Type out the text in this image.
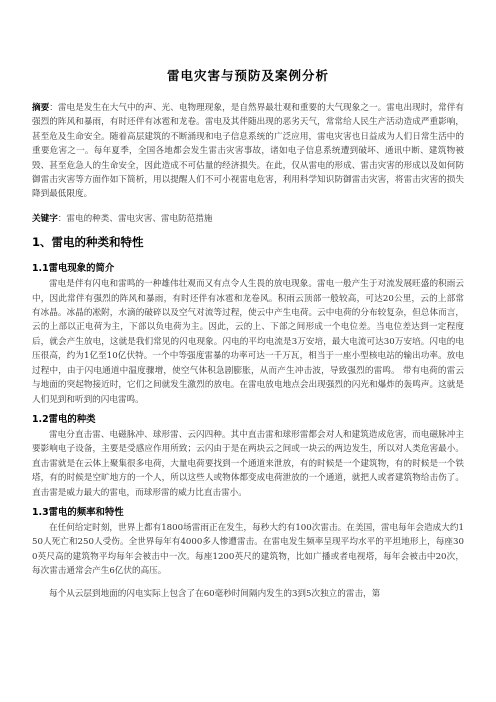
雷电灾害与预防及案例分析

摘要：雷电是发生在大气中的声、光、电物理现象，是自然界最壮观和重要的大气现象之一。雷电出现时，常伴有强烈的阵风和暴雨，有时还伴有冰雹和龙卷。雷电及其伴随出现的恶劣天气，常常给人民生产活动造成严重影响，甚至危及生命安全。随着高层建筑的不断涌现和电子信息系统的广泛应用，雷电灾害也日益成为人们日常生活中的重要危害之一。每年夏季，全国各地都会发生雷击灾害事故，诸如电子信息系统遭到破坏、通讯中断、建筑物被毁、甚至危急人的生命安全，因此造成不可估量的经济损失。在此，仅从雷电的形成、雷击灾害的形成以及如何防御雷击灾害等方面作如下简析，用以提醒人们不可小视雷电危害，利用科学知识防御雷击灾害，将雷击灾害的损失降到最低限度。

关键字：雷电的种类、雷电灾害、雷电防范措施

1、雷电的种类和特性
1.1雷电现象的简介

雷电是伴有闪电和雷鸣的一种雄伟壮观而又有点令人生畏的放电现象。雷电一般产生于对流发展旺盛的积雨云中，因此常伴有强烈的阵风和暴雨，有时还伴有冰雹和龙卷风。积雨云顶部一般较高，可达20公里，云的上部常有冰晶。冰晶的凇附，水滴的破碎以及空气对流等过程，使云中产生电荷。云中电荷的分布较复杂，但总体而言，云的上部以正电荷为主，下部以负电荷为主。因此，云的上、下部之间形成一个电位差。当电位差达到一定程度后，就会产生放电，这就是我们常见的闪电现象。闪电的平均电流是3万安培，最大电流可达30万安培。闪电的电压很高，约为1亿至10亿伏特。一个中等强度雷暴的功率可达一千万瓦，相当于一座小型核电站的输出功率。放电过程中，由于闪电通道中温度骤增，使空气体积急剧膨胀，从而产生冲击波，导致强烈的雷鸣。 带有电荷的雷云与地面的突起物接近时，它们之间就发生激烈的放电。在雷电放电地点会出现强烈的闪光和爆炸的轰鸣声。这就是人们见到和听到的闪电雷鸣。

1.2雷电的种类

雷电分直击雷、电磁脉冲、球形雷、云闪四种。其中直击雷和球形雷都会对人和建筑造成危害，而电磁脉冲主要影响电子设备，主要是受感应作用所致；云闪由于是在两块云之间或一块云的两边发生，所以对人类危害最小。直击雷就是在云体上聚集很多电荷，大量电荷要找到一个通道来泄放，有的时候是一个建筑物，有的时候是一个铁塔，有的时候是空旷地方的一个人，所以这些人或物体都变成电荷泄放的一个通道，就把人或者建筑物给击伤了。直击雷是威力最大的雷电，而球形雷的威力比直击雷小。

1.3雷电的频率和特性

在任何给定时刻，世界上都有1800场雷雨正在发生，每秒大约有100次雷击。在美国，雷电每年会造成大约150人死亡和250人受伤。全世界每年有4000多人惨遭雷击。在雷电发生频率呈现平均水平的平坦地形上，每座300英尺高的建筑物平均每年会被击中一次。每座1200英尺的建筑物，比如广播或者电视塔，每年会被击中20次，每次雷击通常会产生6亿伏的高压。

每个从云层到地面的闪电实际上包含了在60毫秒时间隔内发生的3到5次独立的雷击，第
